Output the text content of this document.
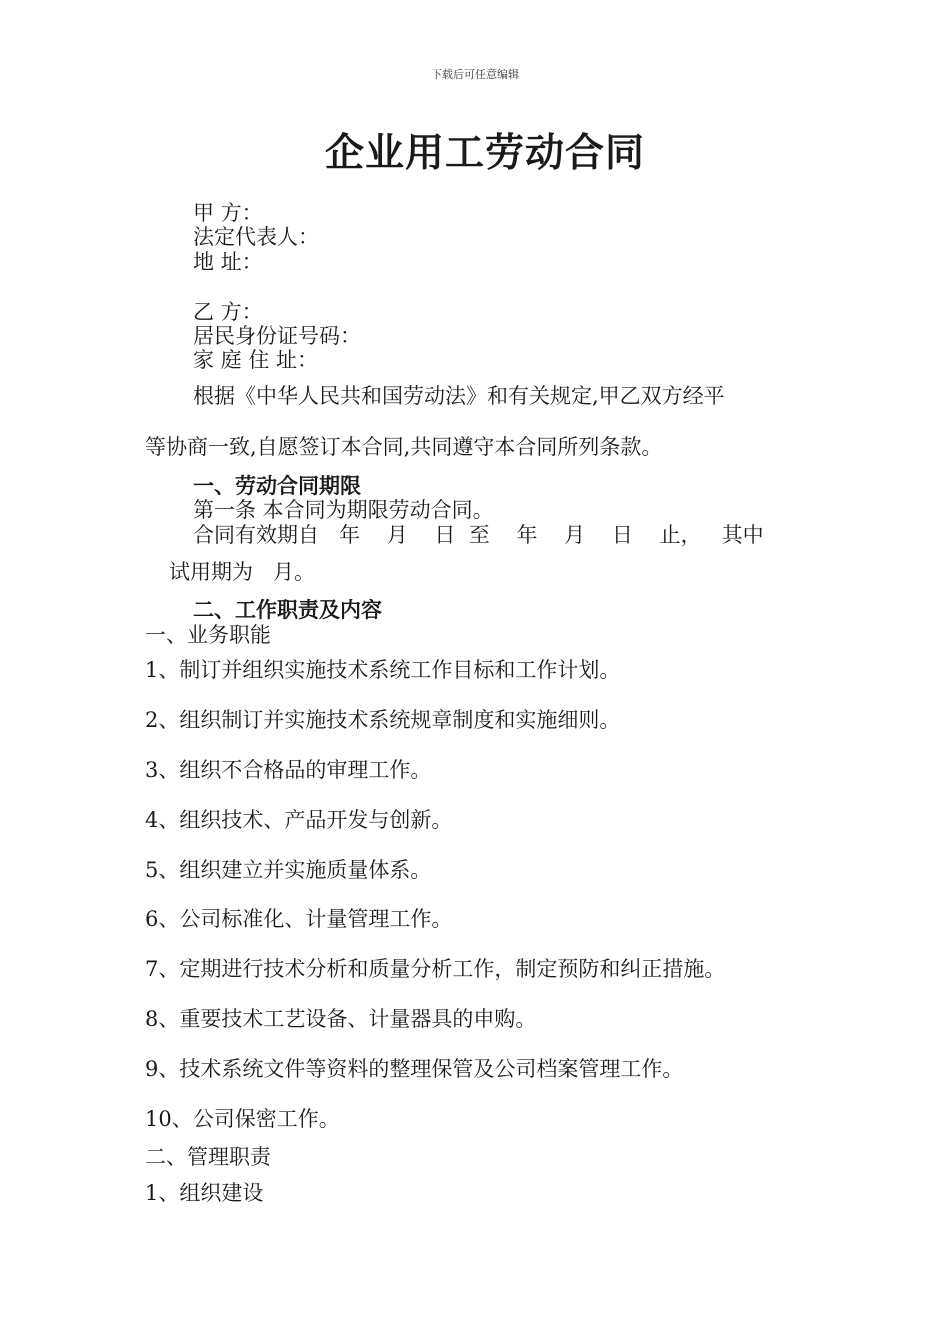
下载后可任意编辑
企业用工劳动合同
甲 方：
法定代表人：
地 址：
乙 方：
居民身份证号码：
家 庭 住 址：
根据《中华人民共和国劳动法》和有关规定,甲乙双方经平
等协商一致,自愿签订本合同,共同遵守本合同所列条款。
一、劳动合同期限
第一条 本合同为期限劳动合同。
合同有效期自   年    月    日  至    年    月    日    止，   其中
试用期为   月。
二、工作职责及内容
一、业务职能
1、制订并组织实施技术系统工作目标和工作计划。
2、组织制订并实施技术系统规章制度和实施细则。
3、组织不合格品的审理工作。
4、组织技术、产品开发与创新。
5、组织建立并实施质量体系。
6、公司标准化、计量管理工作。
7、定期进行技术分析和质量分析工作，制定预防和纠正措施。
8、重要技术工艺设备、计量器具的申购。
9、技术系统文件等资料的整理保管及公司档案管理工作。
10、公司保密工作。
二、管理职责
1、组织建设
